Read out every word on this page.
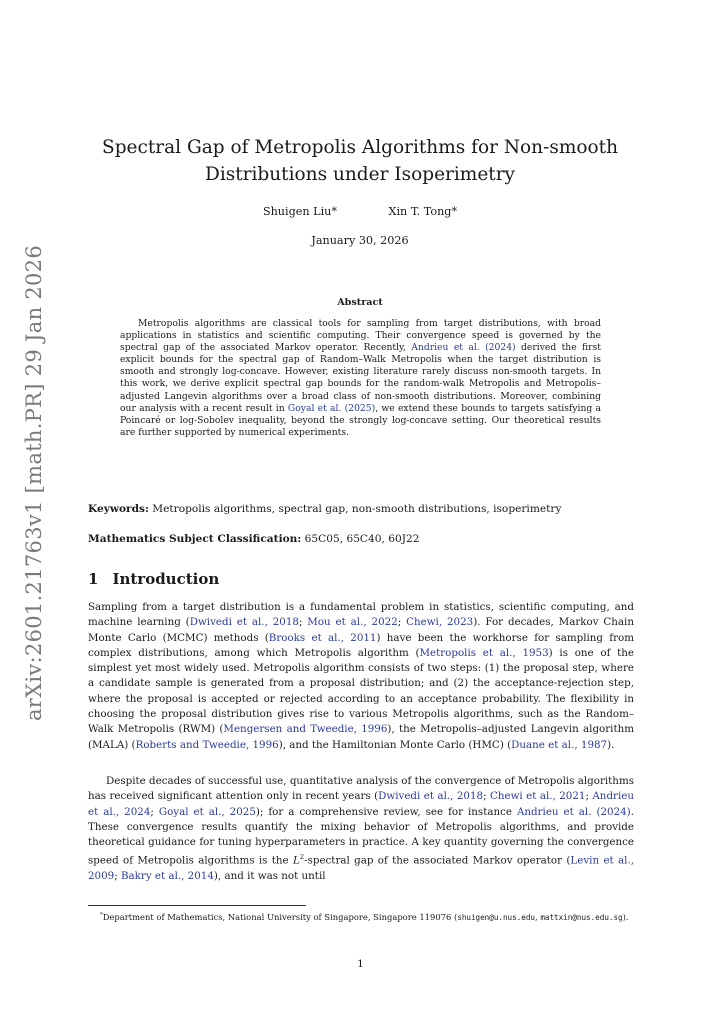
arXiv:2601.21763v1 [math.PR] 29 Jan 2026
Spectral Gap of Metropolis Algorithms for Non-smooth
Distributions under Isoperimetry
Shuigen Liu*	Xin T. Tong*
January 30, 2026
Abstract

Metropolis algorithms are classical tools for sampling from target distributions, with broad applications in statistics and scientific computing. Their convergence speed is governed by the spectral gap of the associated Markov operator. Recently, Andrieu et al. (2024) derived the first explicit bounds for the spectral gap of Random–Walk Metropolis when the target distribution is smooth and strongly log-concave. However, existing literature rarely discuss non-smooth targets. In this work, we derive explicit spectral gap bounds for the random-walk Metropolis and Metropolis–adjusted Langevin algorithms over a broad class of non-smooth distributions. Moreover, combining our analysis with a recent result in Goyal et al. (2025), we extend these bounds to targets satisfying a Poincaré or log-Sobolev inequality, beyond the strongly log-concave setting. Our theoretical results are further supported by numerical experiments.

Keywords: Metropolis algorithms, spectral gap, non-smooth distributions, isoperimetry
Mathematics Subject Classification: 65C05, 65C40, 60J22
1 Introduction

Sampling from a target distribution is a fundamental problem in statistics, scientific computing, and machine learning (Dwivedi et al., 2018; Mou et al., 2022; Chewi, 2023). For decades, Markov Chain Monte Carlo (MCMC) methods (Brooks et al., 2011) have been the workhorse for sampling from complex distributions, among which Metropolis algorithm (Metropolis et al., 1953) is one of the simplest yet most widely used. Metropolis algorithm consists of two steps: (1) the proposal step, where a candidate sample is generated from a proposal distribution; and (2) the acceptance-rejection step, where the proposal is accepted or rejected according to an acceptance probability. The flexibility in choosing the proposal distribution gives rise to various Metropolis algorithms, such as the Random–Walk Metropolis (RWM) (Mengersen and Tweedie, 1996), the Metropolis–adjusted Langevin algorithm (MALA) (Roberts and Tweedie, 1996), and the Hamiltonian Monte Carlo (HMC) (Duane et al., 1987).

Despite decades of successful use, quantitative analysis of the convergence of Metropolis algorithms has received significant attention only in recent years (Dwivedi et al., 2018; Chewi et al., 2021; Andrieu et al., 2024; Goyal et al., 2025); for a comprehensive review, see for instance Andrieu et al. (2024). These convergence results quantify the mixing behavior of Metropolis algorithms, and provide theoretical guidance for tuning hyperparameters in practice. A key quantity governing the convergence speed of Metropolis algorithms is the $L^2$-spectral gap of the associated Markov operator (Levin et al., 2009; Bakry et al., 2014), and it was not until

*Department of Mathematics, National University of Singapore, Singapore 119076 (shuigen@u.nus.edu, mattxin@nus.edu.sg).

1
